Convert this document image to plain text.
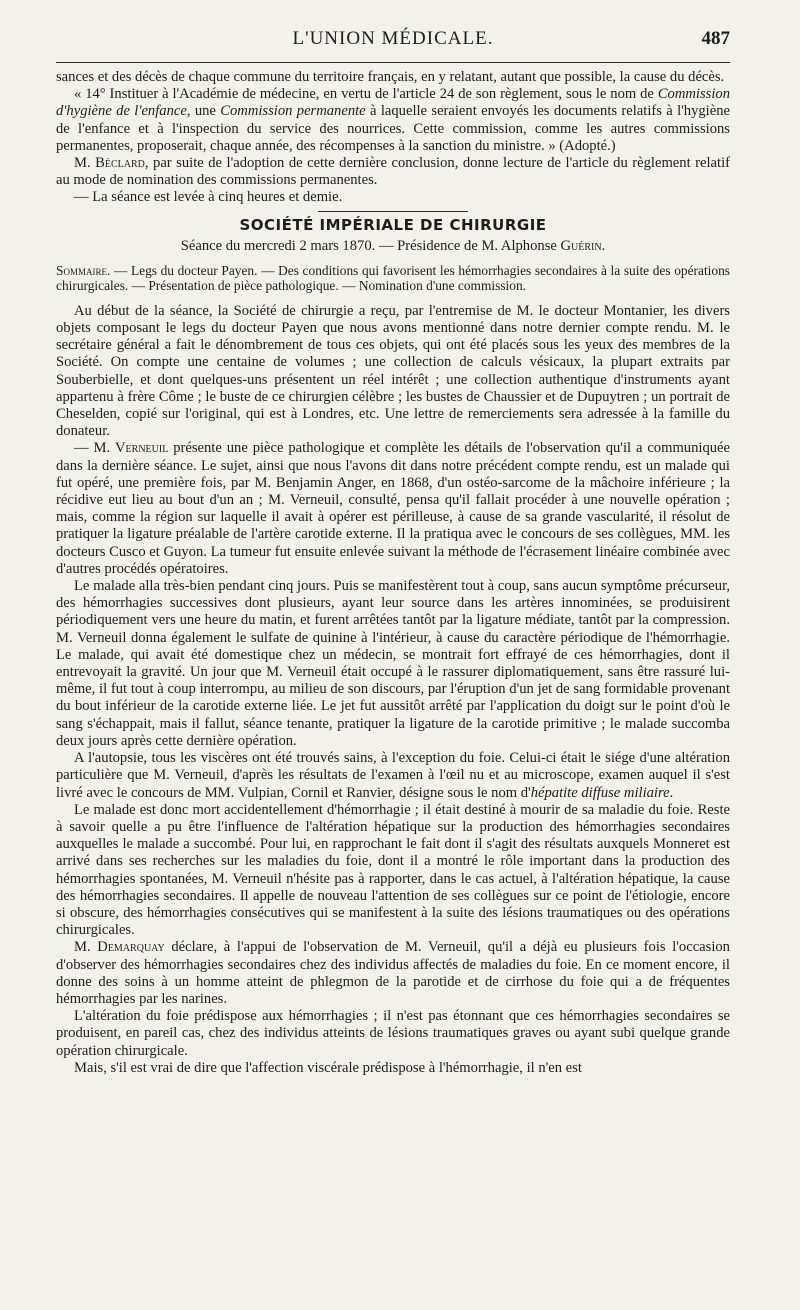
L'UNION MÉDICALE.	487

sances et des décès de chaque commune du territoire français, en y relatant, autant que possible, la cause du décès.

« 14° Instituer à l'Académie de médecine, en vertu de l'article 24 de son règlement, sous le nom de Commission d'hygiène de l'enfance, une Commission permanente à laquelle seraient envoyés les documents relatifs à l'hygiène de l'enfance et à l'inspection du service des nourrices. Cette commission, comme les autres commissions permanentes, proposerait, chaque année, des récompenses à la sanction du ministre. » (Adopté.)

M. Béclard, par suite de l'adoption de cette dernière conclusion, donne lecture de l'article du règlement relatif au mode de nomination des commissions permanentes.

— La séance est levée à cinq heures et demie.

SOCIÉTÉ IMPÉRIALE DE CHIRURGIE
Séance du mercredi 2 mars 1870. — Présidence de M. Alphonse Guérin.

Sommaire. — Legs du docteur Payen. — Des conditions qui favorisent les hémorrhagies secondaires à la suite des opérations chirurgicales. — Présentation de pièce pathologique. — Nomination d'une commission.

Au début de la séance, la Société de chirurgie a reçu, par l'entremise de M. le docteur Montanier, les divers objets composant le legs du docteur Payen que nous avons mentionné dans notre dernier compte rendu. M. le secrétaire général a fait le dénombrement de tous ces objets, qui ont été placés sous les yeux des membres de la Société. On compte une centaine de volumes ; une collection de calculs vésicaux, la plupart extraits par Souberbielle, et dont quelques-uns présentent un réel intérêt ; une collection authentique d'instruments ayant appartenu à frère Côme ; le buste de ce chirurgien célèbre ; les bustes de Chaussier et de Dupuytren ; un portrait de Cheselden, copié sur l'original, qui est à Londres, etc. Une lettre de remerciements sera adressée à la famille du donateur.

— M. Verneuil présente une pièce pathologique et complète les détails de l'observation qu'il a communiquée dans la dernière séance. Le sujet, ainsi que nous l'avons dit dans notre précédent compte rendu, est un malade qui fut opéré, une première fois, par M. Benjamin Anger, en 1868, d'un ostéo-sarcome de la mâchoire inférieure ; la récidive eut lieu au bout d'un an ; M. Verneuil, consulté, pensa qu'il fallait procéder à une nouvelle opération ; mais, comme la région sur laquelle il avait à opérer est périlleuse, à cause de sa grande vascularité, il résolut de pratiquer la ligature préalable de l'artère carotide externe. Il la pratiqua avec le concours de ses collègues, MM. les docteurs Cusco et Guyon. La tumeur fut ensuite enlevée suivant la méthode de l'écrasement linéaire combinée avec d'autres procédés opératoires.

Le malade alla très-bien pendant cinq jours. Puis se manifestèrent tout à coup, sans aucun symptôme précurseur, des hémorrhagies successives dont plusieurs, ayant leur source dans les artères innominées, se produisirent périodiquement vers une heure du matin, et furent arrêtées tantôt par la ligature médiate, tantôt par la compression. M. Verneuil donna également le sulfate de quinine à l'intérieur, à cause du caractère périodique de l'hémorrhagie. Le malade, qui avait été domestique chez un médecin, se montrait fort effrayé de ces hémorrhagies, dont il entrevoyait la gravité. Un jour que M. Verneuil était occupé à le rassurer diplomatiquement, sans être rassuré lui-même, il fut tout à coup interrompu, au milieu de son discours, par l'éruption d'un jet de sang formidable provenant du bout inférieur de la carotide externe liée. Le jet fut aussitôt arrêté par l'application du doigt sur le point d'où le sang s'échappait, mais il fallut, séance tenante, pratiquer la ligature de la carotide primitive ; le malade succomba deux jours après cette dernière opération.

A l'autopsie, tous les viscères ont été trouvés sains, à l'exception du foie. Celui-ci était le siége d'une altération particulière que M. Verneuil, d'après les résultats de l'examen à l'œil nu et au microscope, examen auquel il s'est livré avec le concours de MM. Vulpian, Cornil et Ranvier, désigne sous le nom d'hépatite diffuse miliaire.

Le malade est donc mort accidentellement d'hémorrhagie ; il était destiné à mourir de sa maladie du foie. Reste à savoir quelle a pu être l'influence de l'altération hépatique sur la production des hémorrhagies secondaires auxquelles le malade a succombé. Pour lui, en rapprochant le fait dont il s'agit des résultats auxquels Monneret est arrivé dans ses recherches sur les maladies du foie, dont il a montré le rôle important dans la production des hémorrhagies spontanées, M. Verneuil n'hésite pas à rapporter, dans le cas actuel, à l'altération hépatique, la cause des hémorrhagies secondaires. Il appelle de nouveau l'attention de ses collègues sur ce point de l'étiologie, encore si obscure, des hémorrhagies consécutives qui se manifestent à la suite des lésions traumatiques ou des opérations chirurgicales.

M. Demarquay déclare, à l'appui de l'observation de M. Verneuil, qu'il a déjà eu plusieurs fois l'occasion d'observer des hémorrhagies secondaires chez des individus affectés de maladies du foie. En ce moment encore, il donne des soins à un homme atteint de phlegmon de la parotide et de cirrhose du foie qui a de fréquentes hémorrhagies par les narines.

L'altération du foie prédispose aux hémorrhagies ; il n'est pas étonnant que ces hémorrhagies secondaires se produisent, en pareil cas, chez des individus atteints de lésions traumatiques graves ou ayant subi quelque grande opération chirurgicale.

Mais, s'il est vrai de dire que l'affection viscérale prédispose à l'hémorrhagie, il n'en est
